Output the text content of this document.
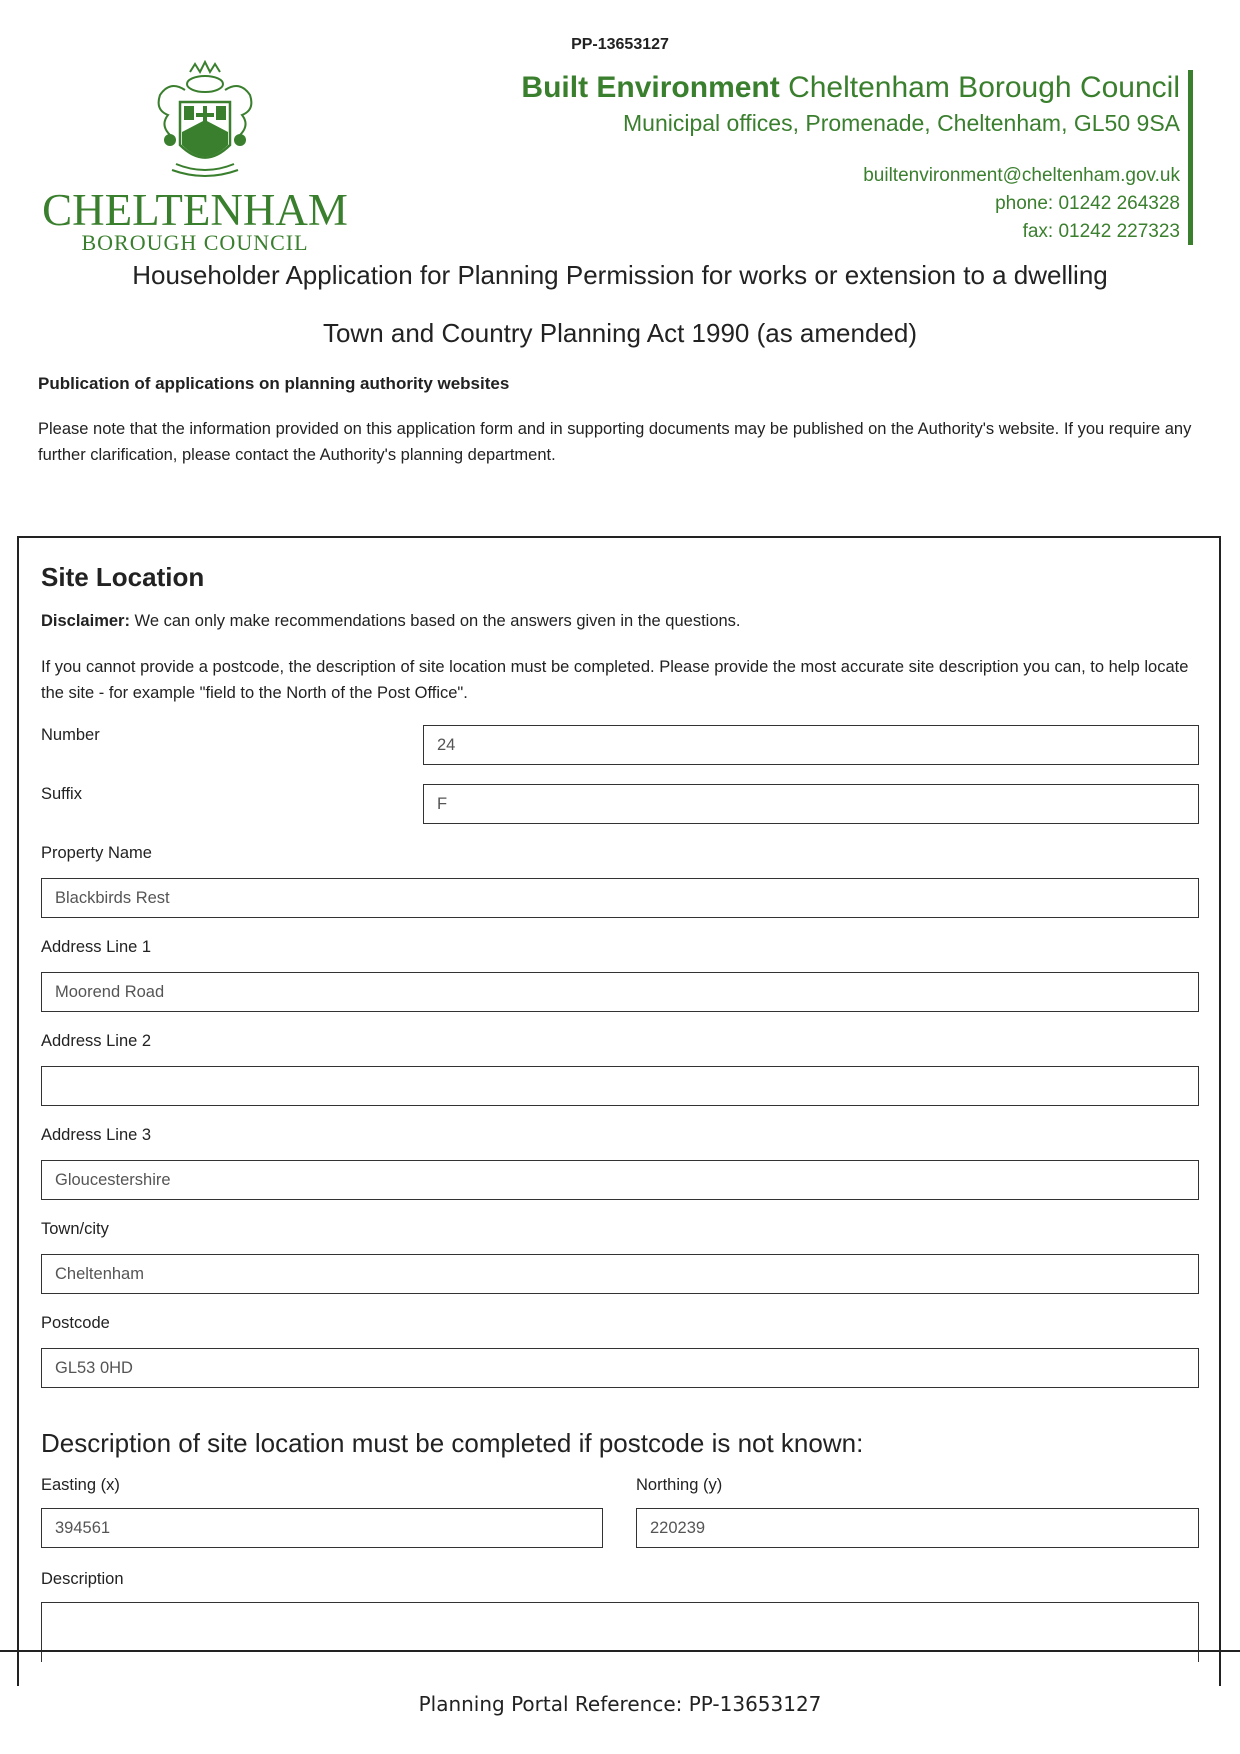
PP-13653127
CHELTENHAM
BOROUGH COUNCIL
Built Environment Cheltenham Borough Council
Municipal offices, Promenade, Cheltenham, GL50 9SA
builtenvironment@cheltenham.gov.uk
phone: 01242 264328
fax: 01242 227323
Householder Application for Planning Permission for works or extension to a dwelling
Town and Country Planning Act 1990 (as amended)
Publication of applications on planning authority websites
Please note that the information provided on this application form and in supporting documents may be published on the Authority's website. If you require any further clarification, please contact the Authority's planning department.
Site Location
Disclaimer: We can only make recommendations based on the answers given in the questions.
If you cannot provide a postcode, the description of site location must be completed. Please provide the most accurate site description you can, to help locate the site - for example "field to the North of the Post Office".
Number
24
Suffix
F
Property Name
Blackbirds Rest
Address Line 1
Moorend Road
Address Line 2
Address Line 3
Gloucestershire
Town/city
Cheltenham
Postcode
GL53 0HD
Description of site location must be completed if postcode is not known:
Easting (x)
394561
Northing (y)
220239
Description
Planning Portal Reference: PP-13653127
